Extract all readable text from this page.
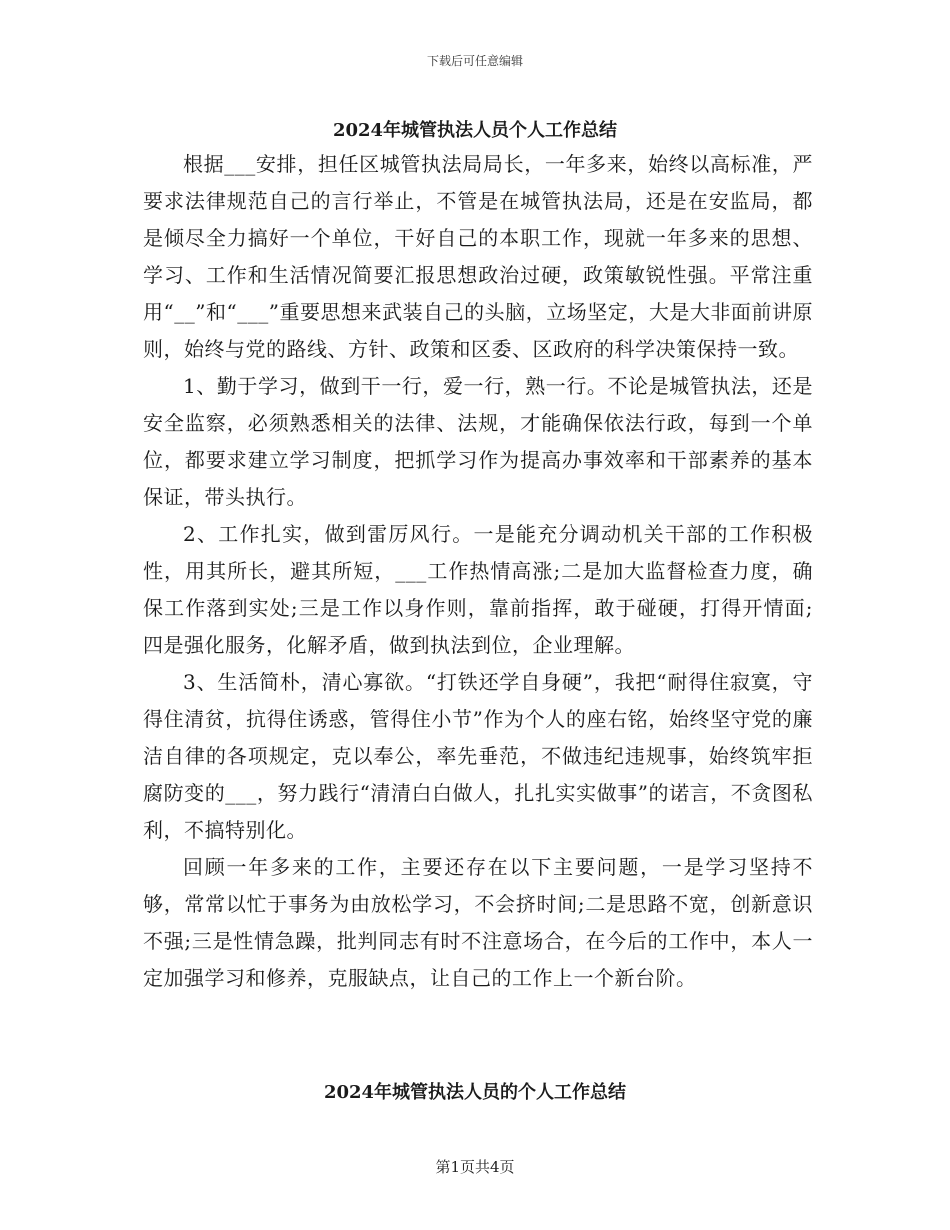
下载后可任意编辑
2024年城管执法人员个人工作总结

根据___安排，担任区城管执法局局长，一年多来，始终以高标准，严要求法律规范自己的言行举止，不管是在城管执法局，还是在安监局，都是倾尽全力搞好一个单位，干好自己的本职工作，现就一年多来的思想、学习、工作和生活情况简要汇报思想政治过硬，政策敏锐性强。平常注重用“__”和“___”重要思想来武装自己的头脑，立场坚定，大是大非面前讲原则，始终与党的路线、方针、政策和区委、区政府的科学决策保持一致。

1、勤于学习，做到干一行，爱一行，熟一行。不论是城管执法，还是安全监察，必须熟悉相关的法律、法规，才能确保依法行政，每到一个单位，都要求建立学习制度，把抓学习作为提高办事效率和干部素养的基本保证，带头执行。

2、工作扎实，做到雷厉风行。一是能充分调动机关干部的工作积极性，用其所长，避其所短，___工作热情高涨;二是加大监督检查力度，确保工作落到实处;三是工作以身作则，靠前指挥，敢于碰硬，打得开情面;四是强化服务，化解矛盾，做到执法到位，企业理解。

3、生活简朴，清心寡欲。“打铁还学自身硬”，我把“耐得住寂寞，守得住清贫，抗得住诱惑，管得住小节”作为个人的座右铭，始终坚守党的廉洁自律的各项规定，克以奉公，率先垂范，不做违纪违规事，始终筑牢拒腐防变的___，努力践行“清清白白做人，扎扎实实做事”的诺言，不贪图私利，不搞特别化。

回顾一年多来的工作，主要还存在以下主要问题，一是学习坚持不够，常常以忙于事务为由放松学习，不会挤时间;二是思路不宽，创新意识不强;三是性情急躁，批判同志有时不注意场合，在今后的工作中，本人一定加强学习和修养，克服缺点，让自己的工作上一个新台阶。

2024年城管执法人员的个人工作总结
第1页共4页
